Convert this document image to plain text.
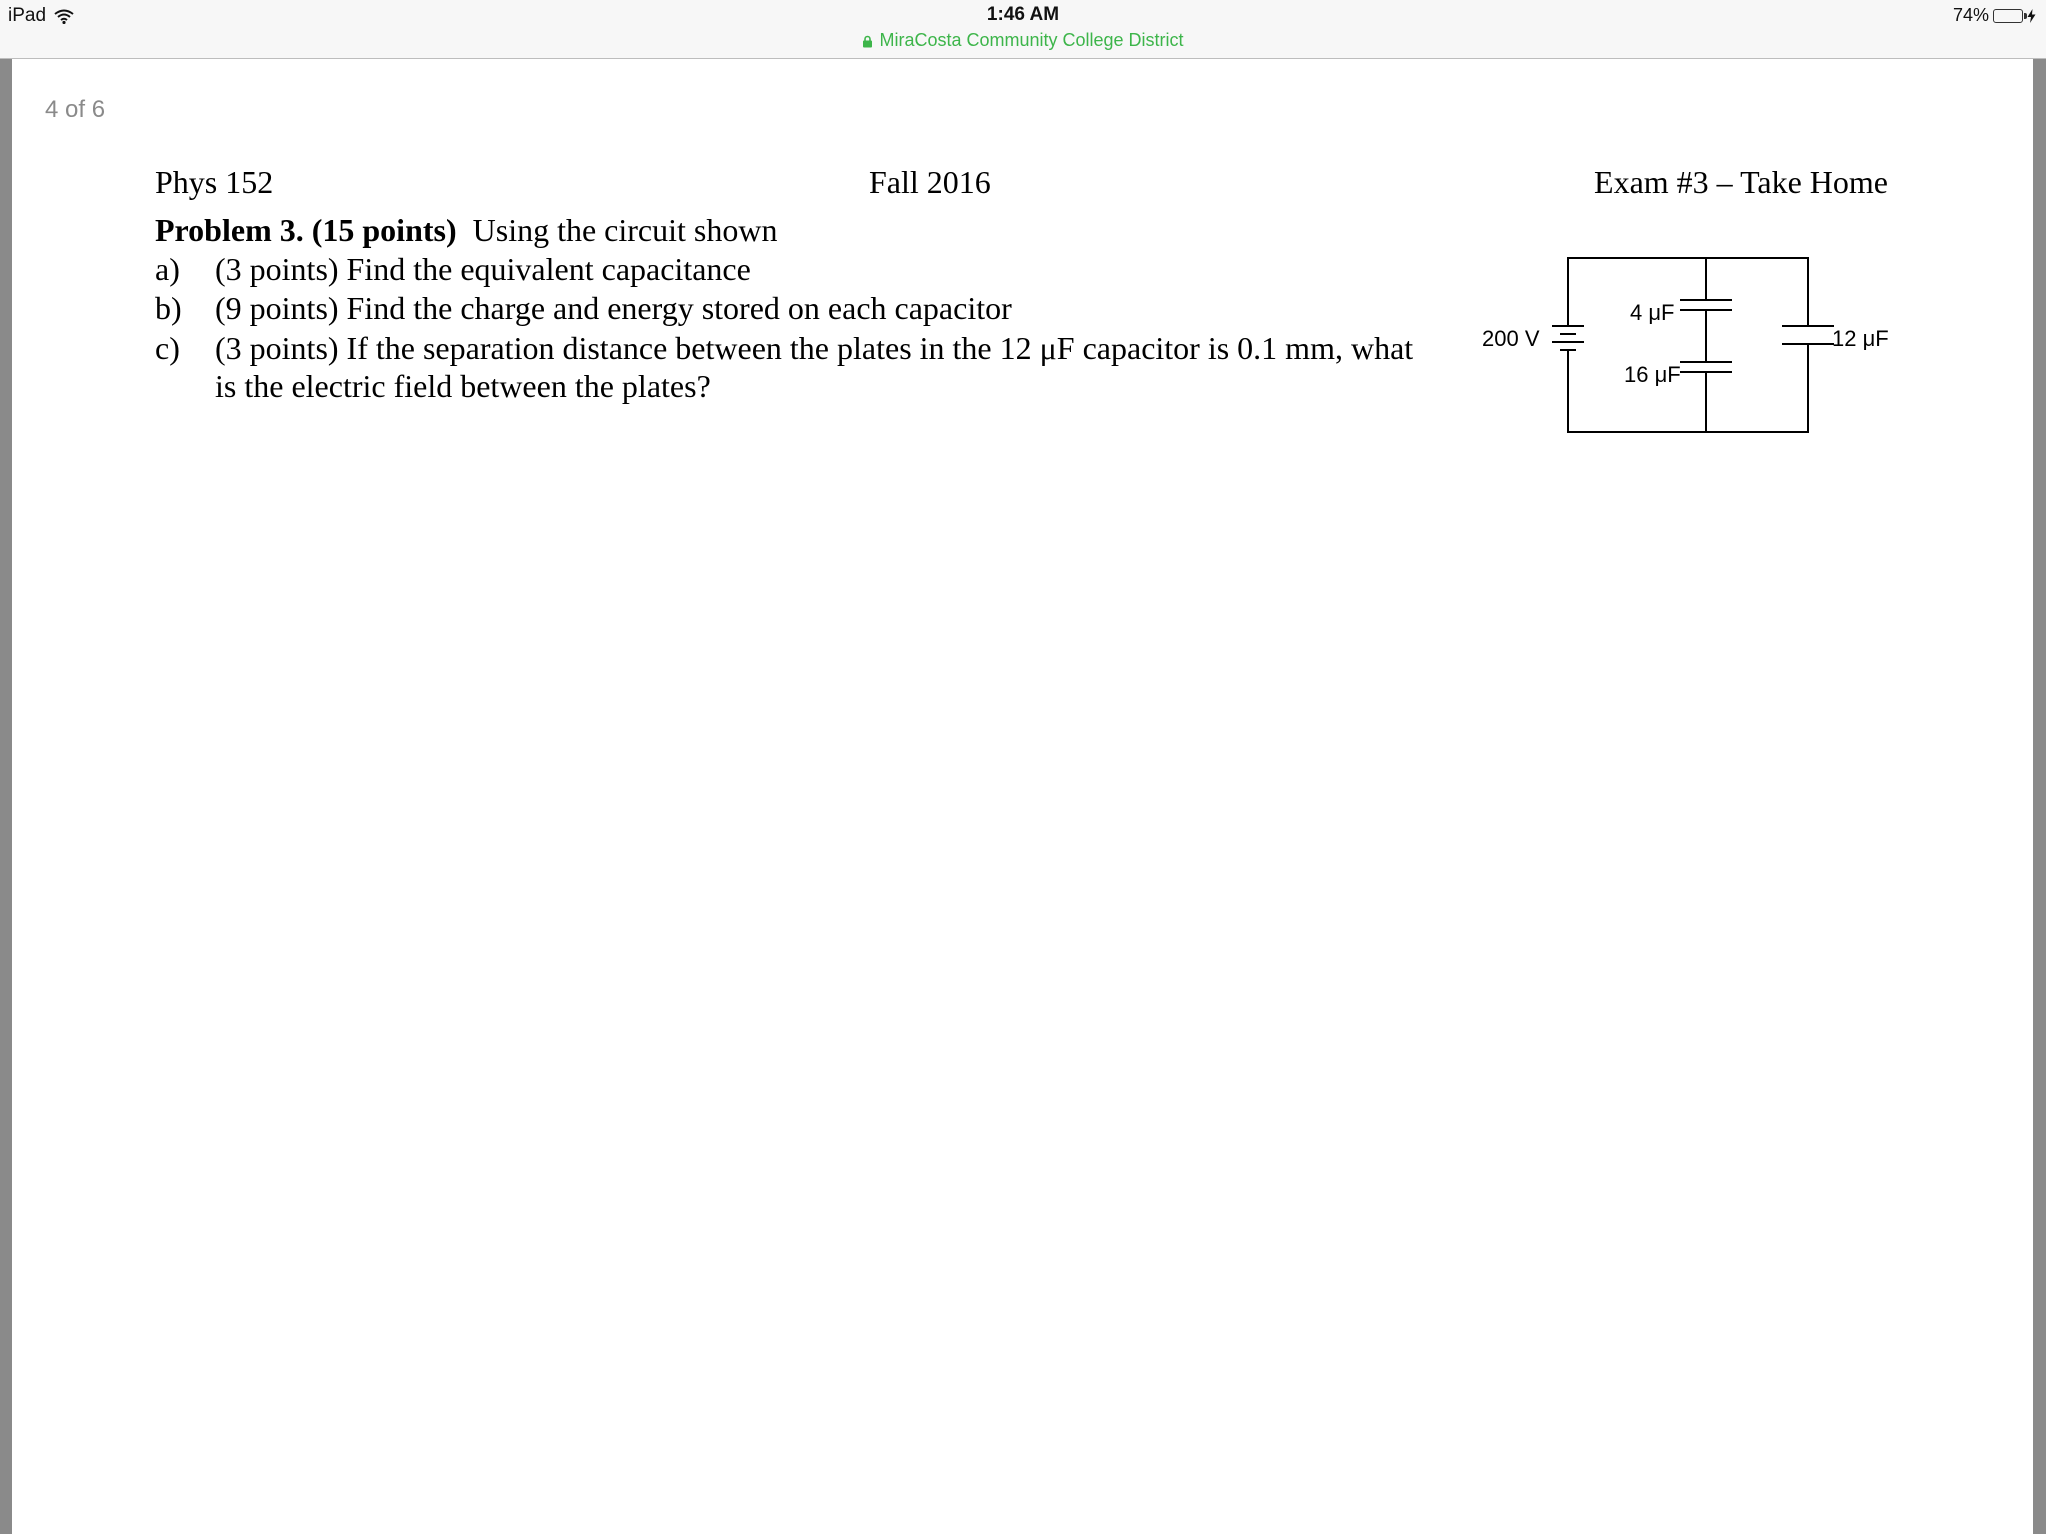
iPad	1:46 AM
MiraCosta Community College District
74%
4 of 6
Phys 152	Fall 2016	Exam #3 – Take Home
Problem 3. (15 points) Using the circuit shown
a) (3 points) Find the equivalent capacitance
b) (9 points) Find the charge and energy stored on each capacitor
c) (3 points) If the separation distance between the plates in the 12 μF capacitor is 0.1 mm, what
is the electric field between the plates?
200 V
4 μF
16 μF
12 μF
